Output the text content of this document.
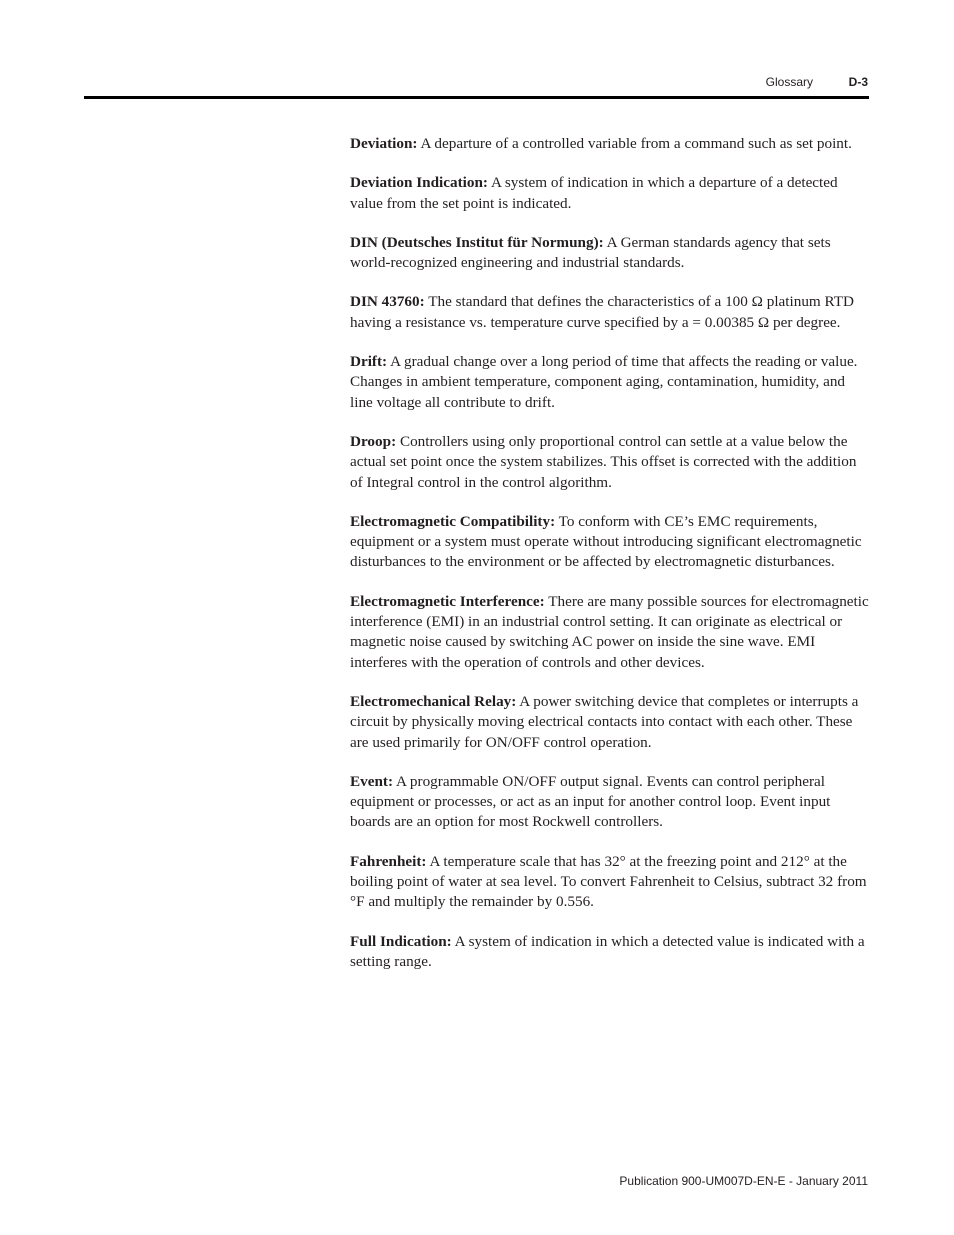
Glossary	D-3

Deviation: A departure of a controlled variable from a command such as set point.

Deviation Indication: A system of indication in which a departure of a detected value from the set point is indicated.

DIN (Deutsches Institut für Normung): A German standards agency that sets world-recognized engineering and industrial standards.

DIN 43760: The standard that defines the characteristics of a 100 Ω platinum RTD having a resistance vs. temperature curve specified by a = 0.00385 Ω per degree.

Drift: A gradual change over a long period of time that affects the reading or value. Changes in ambient temperature, component aging, contamination, humidity, and line voltage all contribute to drift.

Droop: Controllers using only proportional control can settle at a value below the actual set point once the system stabilizes. This offset is corrected with the addition of Integral control in the control algorithm.

Electromagnetic Compatibility: To conform with CE’s EMC requirements, equipment or a system must operate without introducing significant electromagnetic disturbances to the environment or be affected by electromagnetic disturbances.

Electromagnetic Interference: There are many possible sources for electromagnetic interference (EMI) in an industrial control setting. It can originate as electrical or magnetic noise caused by switching AC power on inside the sine wave. EMI interferes with the operation of controls and other devices.

Electromechanical Relay: A power switching device that completes or interrupts a circuit by physically moving electrical contacts into contact with each other. These are used primarily for ON/OFF control operation.

Event: A programmable ON/OFF output signal. Events can control peripheral equipment or processes, or act as an input for another control loop. Event input boards are an option for most Rockwell controllers.

Fahrenheit: A temperature scale that has 32° at the freezing point and 212° at the boiling point of water at sea level. To convert Fahrenheit to Celsius, subtract 32 from °F and multiply the remainder by 0.556.

Full Indication: A system of indication in which a detected value is indicated with a setting range.

Publication 900-UM007D-EN-E - January 2011
